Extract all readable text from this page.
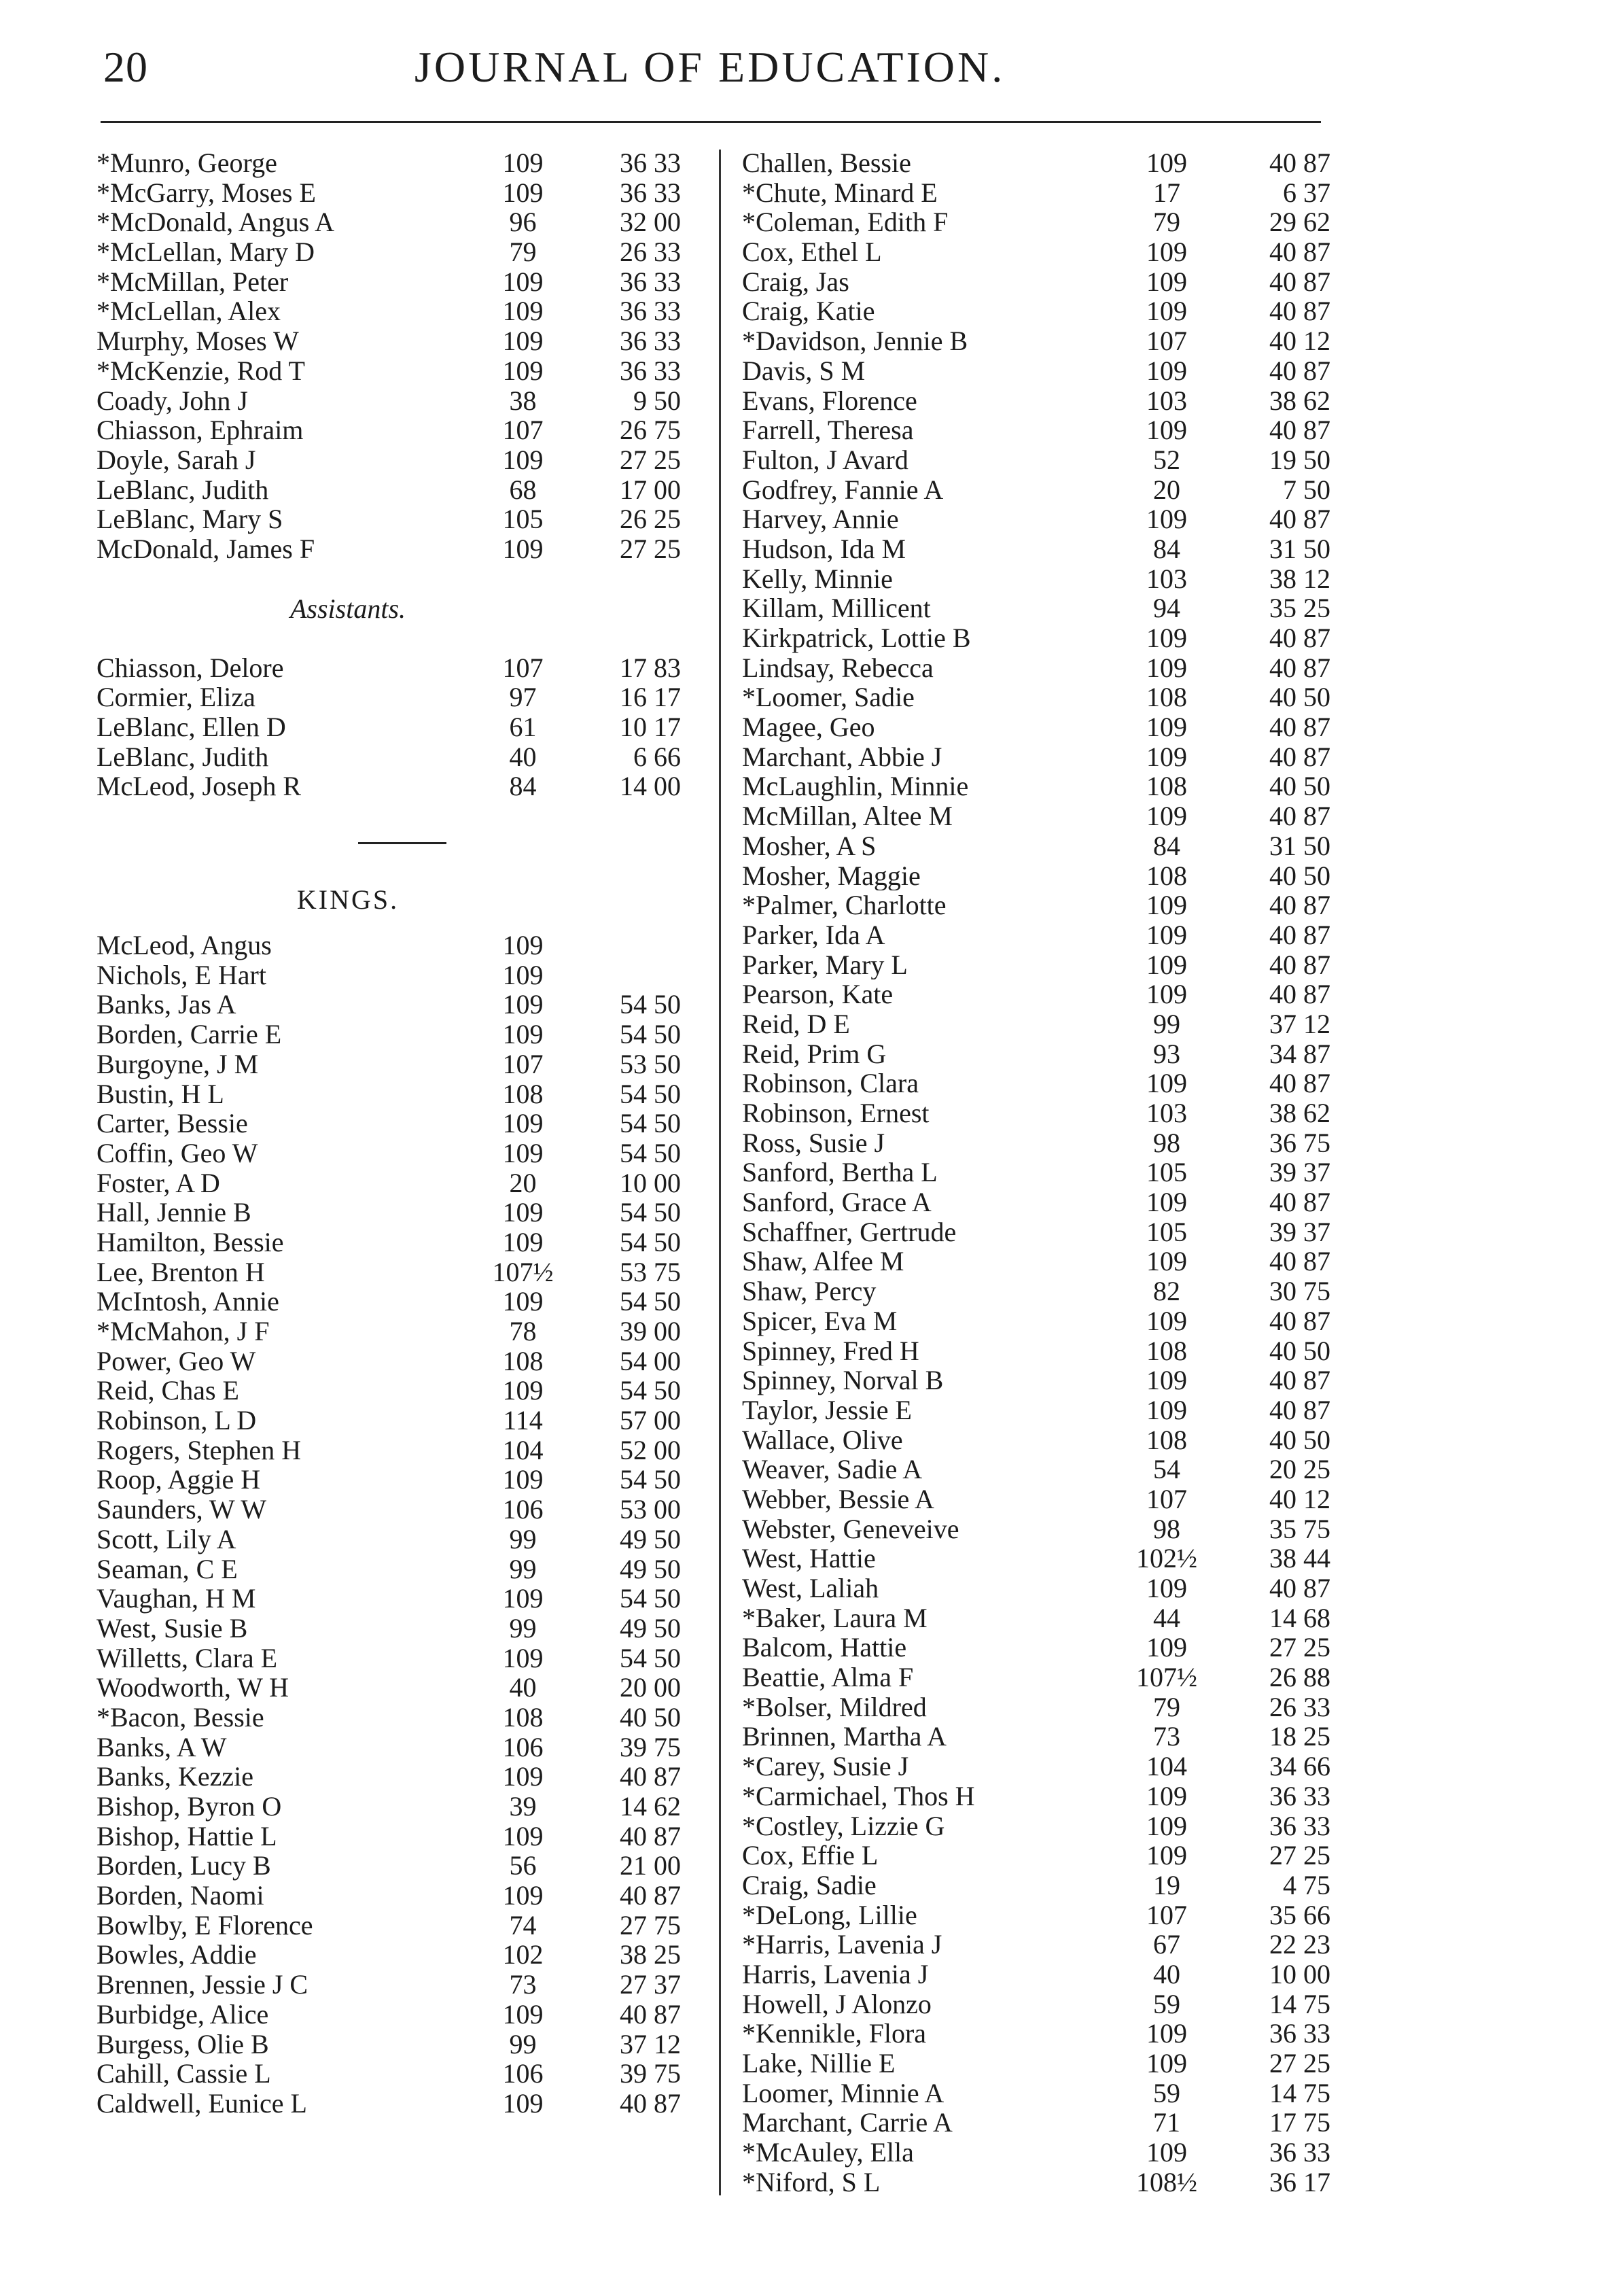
20	JOURNAL OF EDUCATION.
*Munro, George	109	36 33
*McGarry, Moses E	109	36 33
*McDonald, Angus A	96	32 00
*McLellan, Mary D	79	26 33
*McMillan, Peter	109	36 33
*McLellan, Alex	109	36 33
Murphy, Moses W	109	36 33
*McKenzie, Rod T	109	36 33
Coady, John J	38	9 50
Chiasson, Ephraim	107	26 75
Doyle, Sarah J	109	27 25
LeBlanc, Judith	68	17 00
LeBlanc, Mary S	105	26 25
McDonald, James F	109	27 25
Assistants.
Chiasson, Delore	107	17 83
Cormier, Eliza	97	16 17
LeBlanc, Ellen D	61	10 17
LeBlanc, Judith	40	6 66
McLeod, Joseph R	84	14 00
KINGS.
McLeod, Angus	109
Nichols, E Hart	109
Banks, Jas A	109	54 50
Borden, Carrie E	109	54 50
Burgoyne, J M	107	53 50
Bustin, H L	108	54 50
Carter, Bessie	109	54 50
Coffin, Geo W	109	54 50
Foster, A D	20	10 00
Hall, Jennie B	109	54 50
Hamilton, Bessie	109	54 50
Lee, Brenton H	107½	53 75
McIntosh, Annie	109	54 50
*McMahon, J F	78	39 00
Power, Geo W	108	54 00
Reid, Chas E	109	54 50
Robinson, L D	114	57 00
Rogers, Stephen H	104	52 00
Roop, Aggie H	109	54 50
Saunders, W W	106	53 00
Scott, Lily A	99	49 50
Seaman, C E	99	49 50
Vaughan, H M	109	54 50
West, Susie B	99	49 50
Willetts, Clara E	109	54 50
Woodworth, W H	40	20 00
*Bacon, Bessie	108	40 50
Banks, A W	106	39 75
Banks, Kezzie	109	40 87
Bishop, Byron O	39	14 62
Bishop, Hattie L	109	40 87
Borden, Lucy B	56	21 00
Borden, Naomi	109	40 87
Bowlby, E Florence	74	27 75
Bowles, Addie	102	38 25
Brennen, Jessie J C	73	27 37
Burbidge, Alice	109	40 87
Burgess, Olie B	99	37 12
Cahill, Cassie L	106	39 75
Caldwell, Eunice L	109	40 87
Challen, Bessie	109	40 87
*Chute, Minard E	17	6 37
*Coleman, Edith F	79	29 62
Cox, Ethel L	109	40 87
Craig, Jas	109	40 87
Craig, Katie	109	40 87
*Davidson, Jennie B	107	40 12
Davis, S M	109	40 87
Evans, Florence	103	38 62
Farrell, Theresa	109	40 87
Fulton, J Avard	52	19 50
Godfrey, Fannie A	20	7 50
Harvey, Annie	109	40 87
Hudson, Ida M	84	31 50
Kelly, Minnie	103	38 12
Killam, Millicent	94	35 25
Kirkpatrick, Lottie B	109	40 87
Lindsay, Rebecca	109	40 87
*Loomer, Sadie	108	40 50
Magee, Geo	109	40 87
Marchant, Abbie J	109	40 87
McLaughlin, Minnie	108	40 50
McMillan, Altee M	109	40 87
Mosher, A S	84	31 50
Mosher, Maggie	108	40 50
*Palmer, Charlotte	109	40 87
Parker, Ida A	109	40 87
Parker, Mary L	109	40 87
Pearson, Kate	109	40 87
Reid, D E	99	37 12
Reid, Prim G	93	34 87
Robinson, Clara	109	40 87
Robinson, Ernest	103	38 62
Ross, Susie J	98	36 75
Sanford, Bertha L	105	39 37
Sanford, Grace A	109	40 87
Schaffner, Gertrude	105	39 37
Shaw, Alfee M	109	40 87
Shaw, Percy	82	30 75
Spicer, Eva M	109	40 87
Spinney, Fred H	108	40 50
Spinney, Norval B	109	40 87
Taylor, Jessie E	109	40 87
Wallace, Olive	108	40 50
Weaver, Sadie A	54	20 25
Webber, Bessie A	107	40 12
Webster, Geneveive	98	35 75
West, Hattie	102½	38 44
West, Laliah	109	40 87
*Baker, Laura M	44	14 68
Balcom, Hattie	109	27 25
Beattie, Alma F	107½	26 88
*Bolser, Mildred	79	26 33
Brinnen, Martha A	73	18 25
*Carey, Susie J	104	34 66
*Carmichael, Thos H	109	36 33
*Costley, Lizzie G	109	36 33
Cox, Effie L	109	27 25
Craig, Sadie	19	4 75
*DeLong, Lillie	107	35 66
*Harris, Lavenia J	67	22 23
Harris, Lavenia J	40	10 00
Howell, J Alonzo	59	14 75
*Kennikle, Flora	109	36 33
Lake, Nillie E	109	27 25
Loomer, Minnie A	59	14 75
Marchant, Carrie A	71	17 75
*McAuley, Ella	109	36 33
*Niford, S L	108½	36 17
